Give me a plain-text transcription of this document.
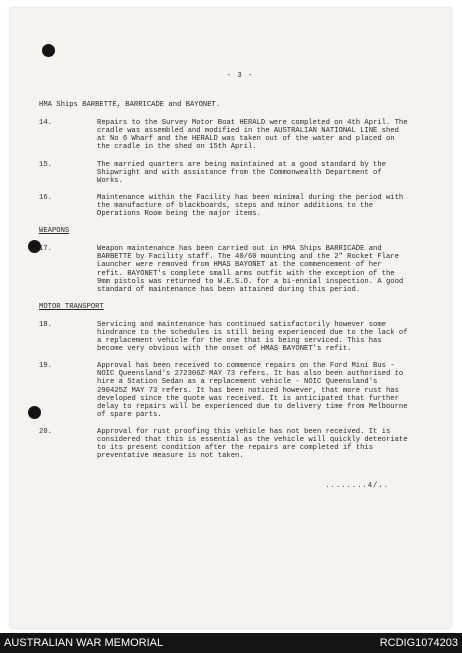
- 3 -
HMA Ships BARBETTE, BARRICADE and BAYONET.
14.	Repairs to the Survey Motor Boat HERALD were completed on 4th April. The cradle was assembled and modified in the AUSTRALIAN NATIONAL LINE shed at No 6 Wharf and the HERALD was taken out of the water and placed on the cradle in the shed on 15th April.
15.	The married quarters are being maintained at a good standard by the Shipwright and with assistance from the Commonwealth Department of Works.
16.	Maintenance within the Facility has been minimal during the period with the manufacture of blackboards, steps and minor additions to the Operations Room being the major items.
WEAPONS
17.	Weapon maintenance has been carried out in HMA Ships BARRICADE and BARBETTE by Facility staff. The 40/60 mounting and the 2" Rocket Flare Launcher were removed from HMAS BAYONET at the commencement of her refit. BAYONET's complete small arms outfit with the exception of the 9mm pistols was returned to W.E.S.O. for a bi-ennial inspection. A good standard of maintenance has been attained during this period.
MOTOR TRANSPORT
18.	Servicing and maintenance has continued satisfactorily however some hindrance to the schedules is still being experienced due to the lack of a replacement vehicle for the one that is being serviced. This has become very obvious with the onset of HMAS BAYONET's refit.
19.	Approval has been received to commence repairs on the Ford Mini Bus - NOIC Queensland's 272306Z MAY 73 refers. It has also been authorised to hire a Station Sedan as a replacement vehicle - NOIC Queensland's 290425Z MAY 73 refers. It has been noticed however, that more rust has developed since the quote was received. It is anticipated that further delay to repairs will be experienced due to delivery time from Melbourne of spare parts.
20.	Approval for rust proofing this vehicle has not been received. It is considered that this is essential as the vehicle will quickly deteoriate to its present condition after the repairs are completed if this preventative measure is not taken.
........4/..
AUSTRALIAN WAR MEMORIAL	RCDIG1074203
